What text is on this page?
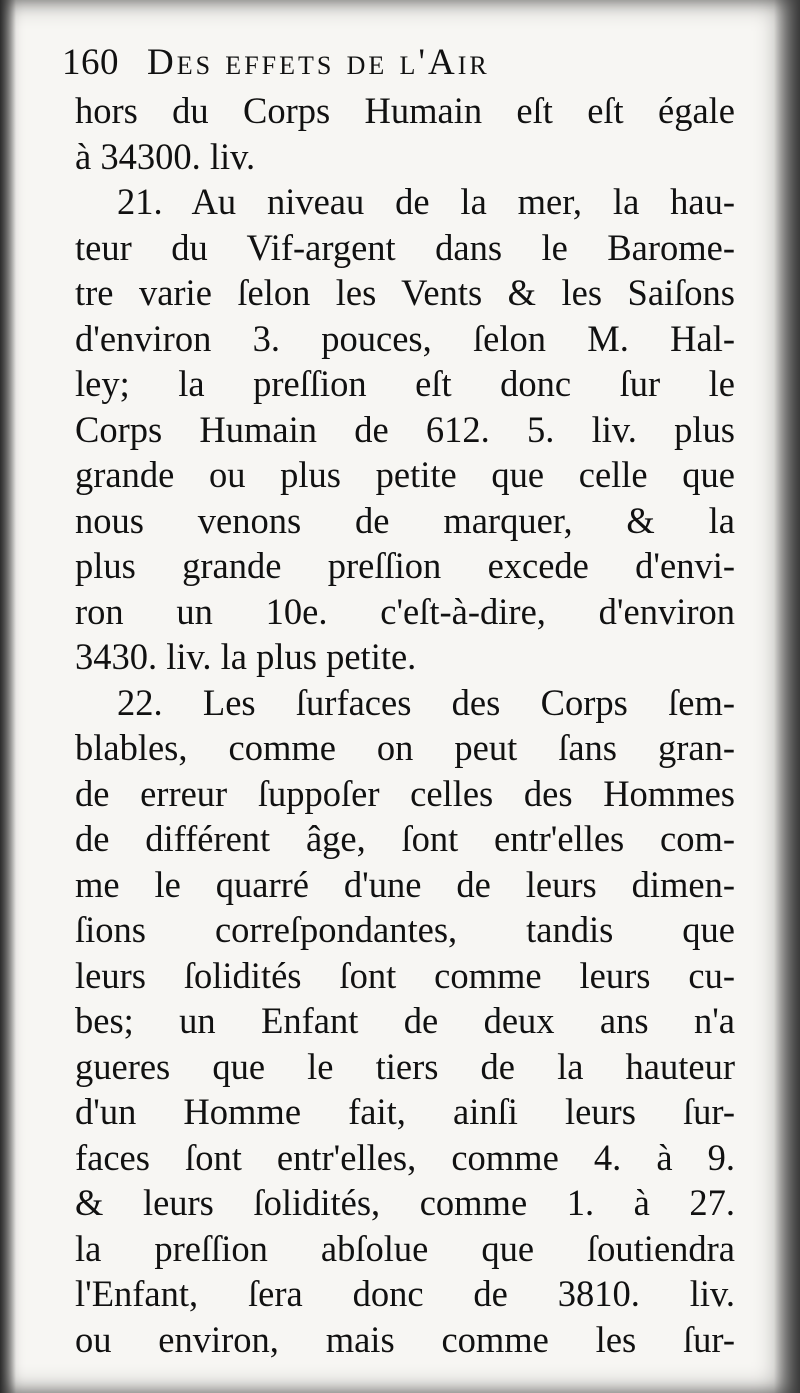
160 Des effets de l'Air
hors du Corps Humain eſt eſt égale
à 34300. liv.
21. Au niveau de la mer, la hau-
teur du Vif-argent dans le Barome-
tre varie ſelon les Vents & les Saiſons
d'environ 3. pouces, ſelon M. Hal-
ley; la preſſion eſt donc ſur le
Corps Humain de 612. 5. liv. plus
grande ou plus petite que celle que
nous venons de marquer, & la
plus grande preſſion excede d'envi-
ron un 10e. c'eſt-à-dire, d'environ
3430. liv. la plus petite.
22. Les ſurfaces des Corps ſem-
blables, comme on peut ſans gran-
de erreur ſuppoſer celles des Hommes
de différent âge, ſont entr'elles com-
me le quarré d'une de leurs dimen-
ſions correſpondantes, tandis que
leurs ſolidités ſont comme leurs cu-
bes; un Enfant de deux ans n'a
gueres que le tiers de la hauteur
d'un Homme fait, ainſi leurs ſur-
faces ſont entr'elles, comme 4. à 9.
& leurs ſolidités, comme 1. à 27.
la preſſion abſolue que ſoutiendra
l'Enfant, ſera donc de 3810. liv.
ou environ, mais comme les ſur-
